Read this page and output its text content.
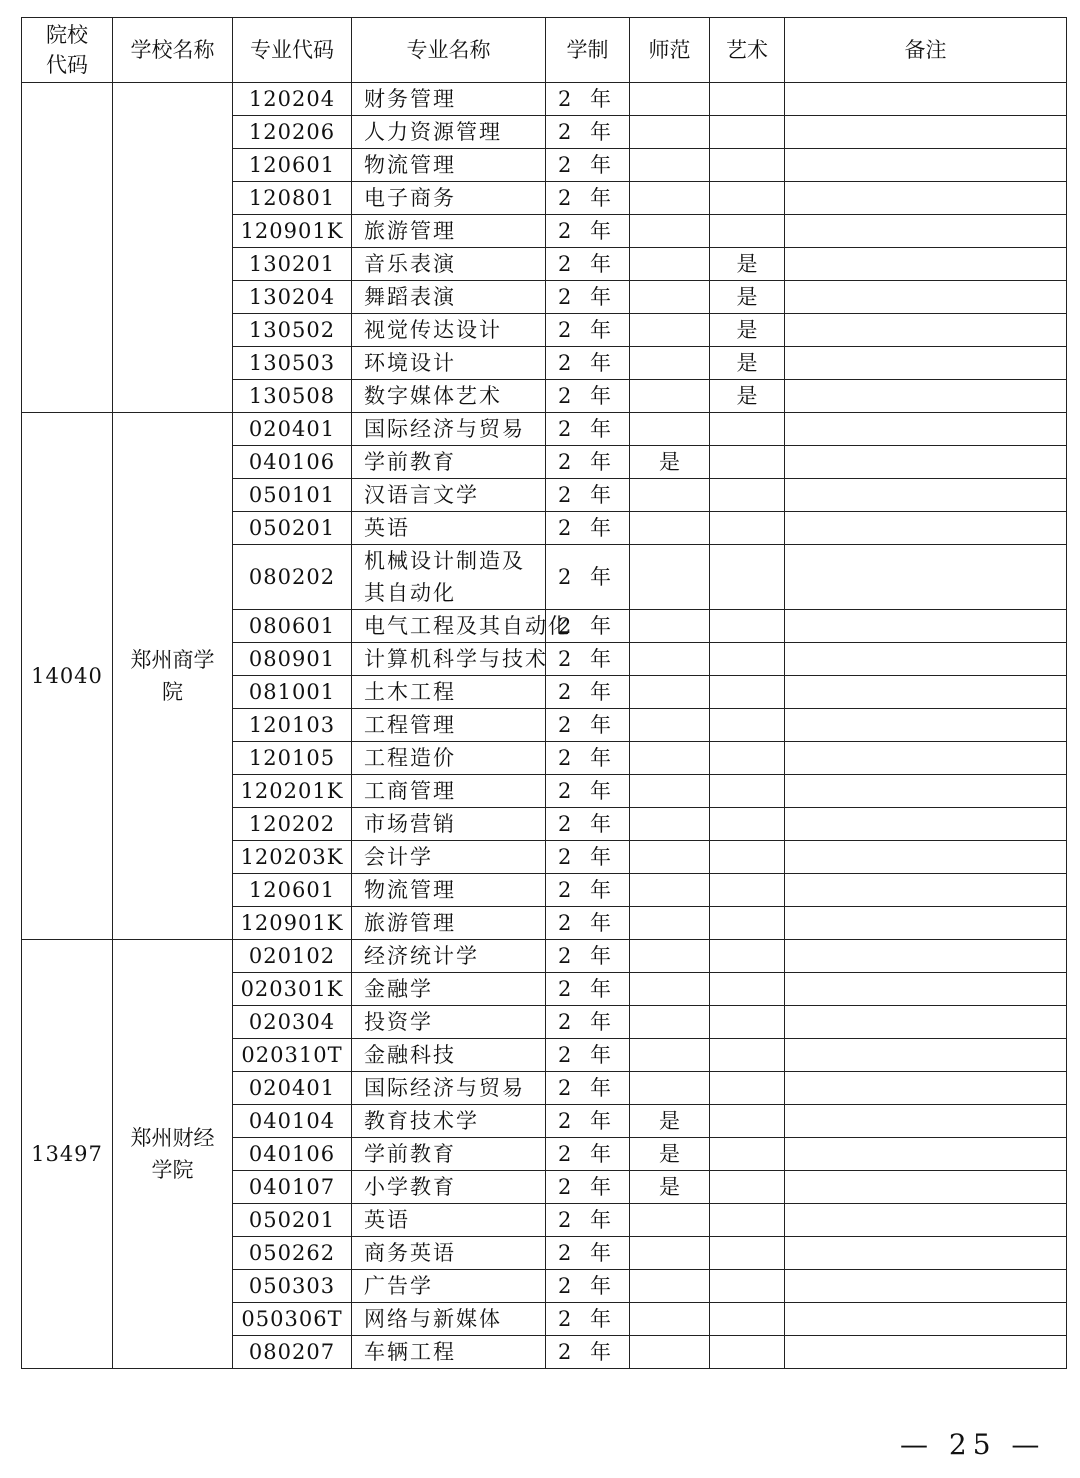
院校代码	学校名称	专业代码	专业名称	学制	师范	艺术	备注
		120204	财务管理	2 年			
		120206	人力资源管理	2 年			
		120601	物流管理	2 年			
		120801	电子商务	2 年			
		120901K	旅游管理	2 年			
		130201	音乐表演	2 年		是	
		130204	舞蹈表演	2 年		是	
		130502	视觉传达设计	2 年		是	
		130503	环境设计	2 年		是	
		130508	数字媒体艺术	2 年		是	
14040	郑州商学院	020401	国际经济与贸易	2 年			
		040106	学前教育	2 年	是		
		050101	汉语言文学	2 年			
		050201	英语	2 年			
		080202	机械设计制造及其自动化	2 年			
		080601	电气工程及其自动化	2 年			
		080901	计算机科学与技术	2 年			
		081001	土木工程	2 年			
		120103	工程管理	2 年			
		120105	工程造价	2 年			
		120201K	工商管理	2 年			
		120202	市场营销	2 年			
		120203K	会计学	2 年			
		120601	物流管理	2 年			
		120901K	旅游管理	2 年			
13497	郑州财经学院	020102	经济统计学	2 年			
		020301K	金融学	2 年			
		020304	投资学	2 年			
		020310T	金融科技	2 年			
		020401	国际经济与贸易	2 年			
		040104	教育技术学	2 年	是		
		040106	学前教育	2 年	是		
		040107	小学教育	2 年	是		
		050201	英语	2 年			
		050262	商务英语	2 年			
		050303	广告学	2 年			
		050306T	网络与新媒体	2 年			
		080207	车辆工程	2 年			
— 25 —
